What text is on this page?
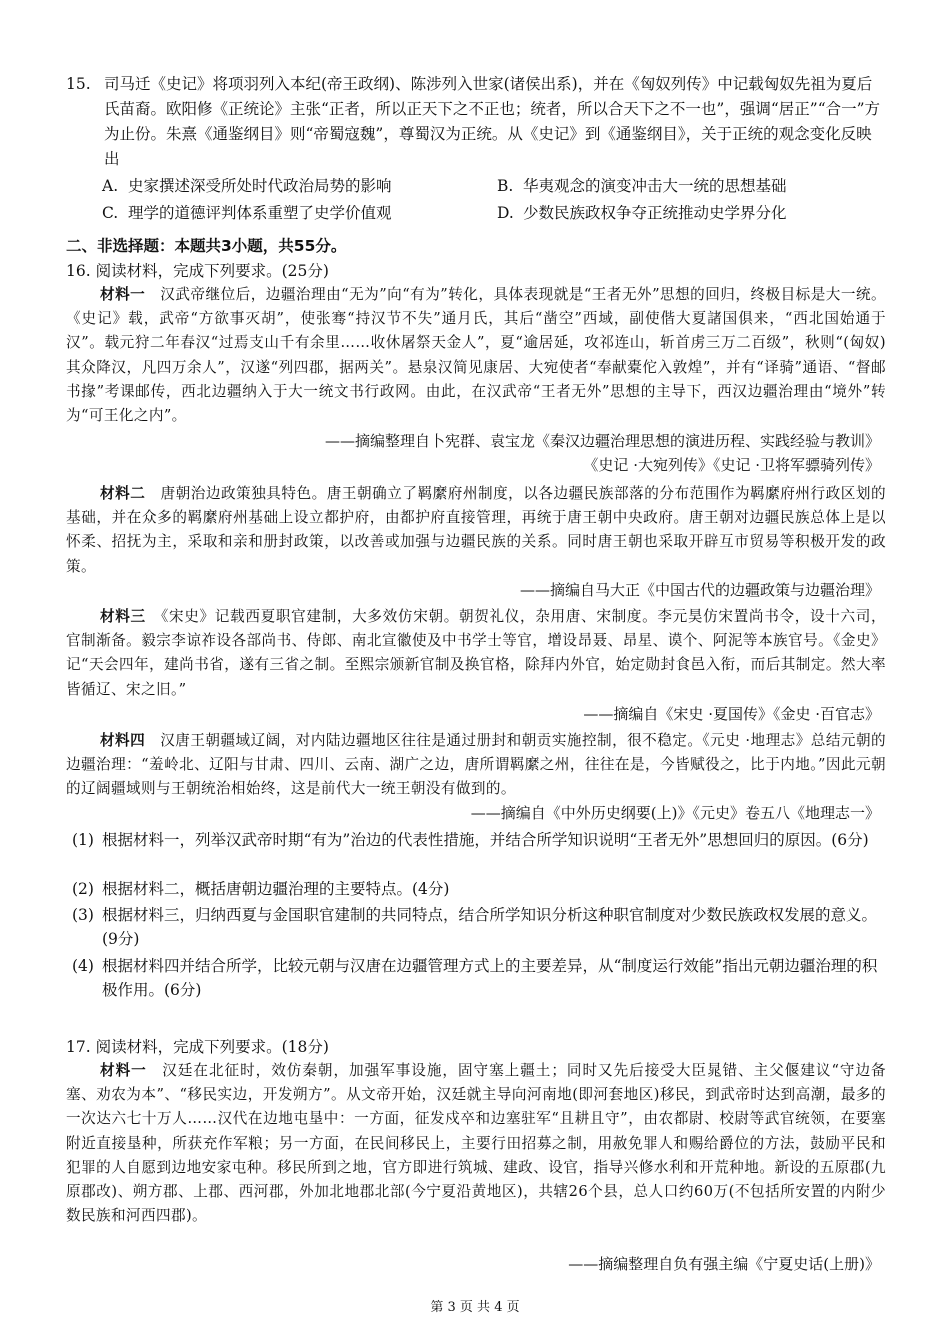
15. 司马迁《史记》将项羽列入本纪(帝王政纲)、陈涉列入世家(诸侯出系)，并在《匈奴列传》中记载匈奴先祖为夏后氏苗裔。欧阳修《正统论》主张“正者，所以正天下之不正也；统者，所以合天下之不一也”，强调“居正”“合一”方为止份。朱熹《通鉴纲目》则“帝蜀寇魏”，尊蜀汉为正统。从《史记》到《通鉴纲目》，关于正统的观念变化反映出
A. 史家撰述深受所处时代政治局势的影响	B. 华夷观念的演变冲击大一统的思想基础
C. 理学的道德评判体系重塑了史学价值观	D. 少数民族政权争夺正统推动史学界分化
二、非选择题：本题共3小题，共55分。
16. 阅读材料，完成下列要求。(25分)
材料一　 汉武帝继位后，边疆治理由“无为”向“有为”转化，具体表现就是“王者无外”思想的回归，终极目标是大一统。《史记》载，武帝“方欲事灭胡”，使张骞“持汉节不失”通月氏，其后“凿空”西域，副使偕大夏諸国俱来，“西北国始通于汉”。载元狩二年春汉“过焉支山千有余里……收休屠祭天金人”，夏“逾居延，攻祁连山，斩首虏三万二百级”，秋则“(匈奴)其众降汉，凡四万余人”，汉遂“列四郡，据两关”。悬泉汉简见康居、大宛使者“奉献橐佗入敦煌”，并有“译骑”通语、“督邮书掾”考课邮传，西北边疆纳入于大一统文书行政网。由此，在汉武帝“王者无外”思想的主导下，西汉边疆治理由“境外”转为“可王化之内”。
——摘编整理自卜宪群、袁宝龙《秦汉边疆治理思想的演进历程、实践经验与教训》
《史记 ·大宛列传》《史记 ·卫将军骠骑列传》
材料二　 唐朝治边政策独具特色。唐王朝确立了羁縻府州制度，以各边疆民族部落的分布范围作为羁縻府州行政区划的基础，并在众多的羁縻府州基础上设立都护府，由都护府直接管理，再统于唐王朝中央政府。唐王朝对边疆民族总体上是以怀柔、招抚为主，采取和亲和册封政策，以改善或加强与边疆民族的关系。同时唐王朝也采取开辟互市贸易等积极开发的政策。
——摘编自马大正《中国古代的边疆政策与边疆治理》
材料三　 《宋史》记载西夏职官建制，大多效仿宋朝。朝贺礼仪，杂用唐、宋制度。李元昊仿宋置尚书令，设十六司，官制渐备。毅宗李谅祚设各部尚书、侍郎、南北宣徽使及中书学士等官，增设昂聂、昂星、谟个、阿泥等本族官号。《金史》记“天会四年，建尚书省，遂有三省之制。至熙宗颁新官制及换官格，除拜内外官，始定勋封食邑入衔，而后其制定。然大率皆循辽、宋之旧。”
——摘编自《宋史 ·夏国传》《金史 ·百官志》
材料四　 汉唐王朝疆域辽阔，对内陆边疆地区往往是通过册封和朝贡实施控制，很不稳定。《元史 ·地理志》总结元朝的边疆治理：“羞岭北、辽阳与甘肃、四川、云南、湖广之边，唐所谓羁縻之州，往往在是，今皆赋役之，比于内地。”因此元朝的辽阔疆域则与王朝统治相始终，这是前代大一统王朝没有做到的。
——摘编自《中外历史纲要(上)》《元史》卷五八《地理志一》
(1) 根据材料一，列举汉武帝时期“有为”治边的代表性措施，并结合所学知识说明“王者无外”思想回归的原因。(6分)
(2) 根据材料二，概括唐朝边疆治理的主要特点。(4分)
(3) 根据材料三，归纳西夏与金国职官建制的共同特点，结合所学知识分析这种职官制度对少数民族政权发展的意义。(9分)
(4) 根据材料四并结合所学，比较元朝与汉唐在边疆管理方式上的主要差异，从“制度运行效能”指出元朝边疆治理的积极作用。(6分)
17. 阅读材料，完成下列要求。(18分)
材料一　 汉廷在北征时，效仿秦朝，加强军事设施，固守塞上疆土；同时又先后接受大臣晁错、主父偃建议“守边备塞、劝农为本”、“移民实边，开发朔方”。从文帝开始，汉廷就主导向河南地(即河套地区)移民，到武帝时达到高潮，最多的一次达六七十万人……汉代在边地屯垦中：一方面，征发戍卒和边塞驻军“且耕且守”，由农都尉、校尉等武官统领，在要塞附近直接垦种，所获充作军粮；另一方面，在民间移民上，主要行田招募之制，用赦免罪人和赐给爵位的方法，鼓励平民和犯罪的人自愿到边地安家屯种。移民所到之地，官方即进行筑城、建政、设官，指导兴修水利和开荒种地。新设的五原郡(九原郡改)、朔方郡、上郡、西河郡，外加北地郡北部(今宁夏沿黄地区)，共辖26个县，总人口约60万(不包括所安置的内附少数民族和河西四郡)。
——摘编整理自负有强主编《宁夏史话(上册)》
第 3 页 共 4 页
